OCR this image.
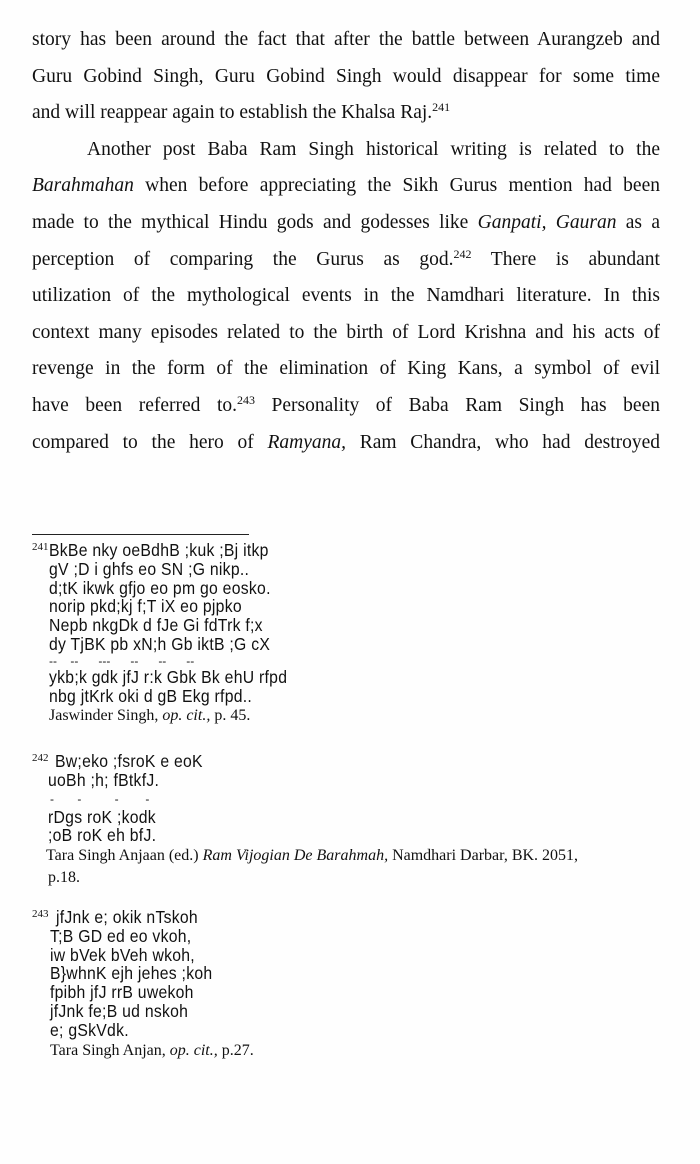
story has been around the fact that after the battle between Aurangzeb and
Guru Gobind Singh, Guru Gobind Singh would disappear for some time
and will reappear again to establish the Khalsa Raj.$^{241}$
Another post Baba Ram Singh historical writing is related to the
Barahmahan when before appreciating the Sikh Gurus mention had been
made to the mythical Hindu gods and godesses like Ganpati, Gauran as a
perception of comparing the Gurus as god.$^{242}$ There is abundant
utilization of the mythological events in the Namdhari literature. In this
context many episodes related to the birth of Lord Krishna and his acts of
revenge in the form of the elimination of King Kans, a symbol of evil
have been referred to.$^{243}$ Personality of Baba Ram Singh has been
compared to the hero of Ramyana, Ram Chandra, who had destroyed
241 BkBe nky oeBdhB ;kuk ;Bj itkp
gV ;D i ghfs eo SN ;G nikp..
d;tK ikwk gfjo eo pm go eosko.
norip pkd;kj f;T iX eo pjpko
Nepb nkgDk d fJe Gi fdTrk f;x
dy TjBK pb xN;h Gb iktB ;G cX
--    --      ---      --      --      --
ykb;k gdk jfJ r:k Gbk Bk ehU rfpd
nbg jtKrk oki d gB Ekg rfpd..
Jaswinder Singh, op. cit., p. 45.
242 Bw;eko ;fsroK e eoK
uoBh ;h; fBtkfJ.
-       -          -        -
rDgs roK ;kodk
;oB roK eh bfJ.
Tara Singh Anjaan (ed.) Ram Vijogian De Barahmah, Namdhari Darbar, BK. 2051,
p.18.
243 jfJnk e; okik nTskoh
T;B GD ed eo vkoh,
iw bVek bVeh wkoh,
B}whnK ejh jehes ;koh
fpibh jfJ rrB uwekoh
jfJnk fe;B ud nskoh
e; gSkVdk.
Tara Singh Anjan, op. cit., p.27.
